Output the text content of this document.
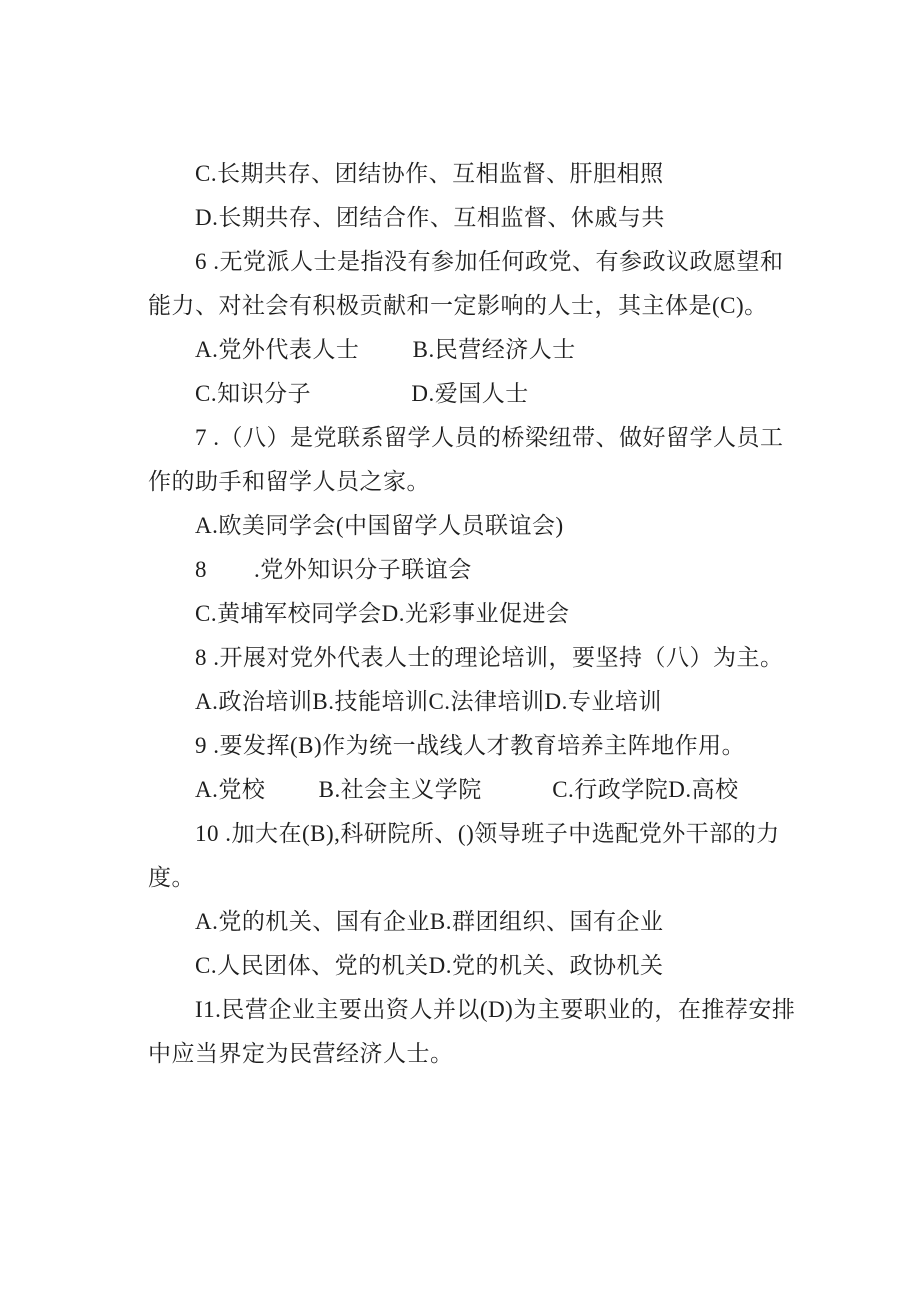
C.长期共存、团结协作、互相监督、肝胆相照
D.长期共存、团结合作、互相监督、休戚与共
6 .无党派人士是指没有参加任何政党、有参政议政愿望和
能力、对社会有积极贡献和一定影响的人士，其主体是(C)。
A.党外代表人士　　 B.民营经济人士
C.知识分子　　　　 D.爱国人士
7 .（八）是党联系留学人员的桥梁纽带、做好留学人员工
作的助手和留学人员之家。
A.欧美同学会(中国留学人员联谊会)
8　　.党外知识分子联谊会
C.黄埔军校同学会D.光彩事业促进会
8 .开展对党外代表人士的理论培训，要坚持（八）为主。
A.政治培训B.技能培训C.法律培训D.专业培训
9 .要发挥(B)作为统一战线人才教育培养主阵地作用。
A.党校　　 B.社会主义学院　　　C.行政学院D.高校
10 .加大在(B),科研院所、()领导班子中选配党外干部的力
度。
A.党的机关、国有企业B.群团组织、国有企业
C.人民团体、党的机关D.党的机关、政协机关
I1.民营企业主要出资人并以(D)为主要职业的，在推荐安排
中应当界定为民营经济人士。
